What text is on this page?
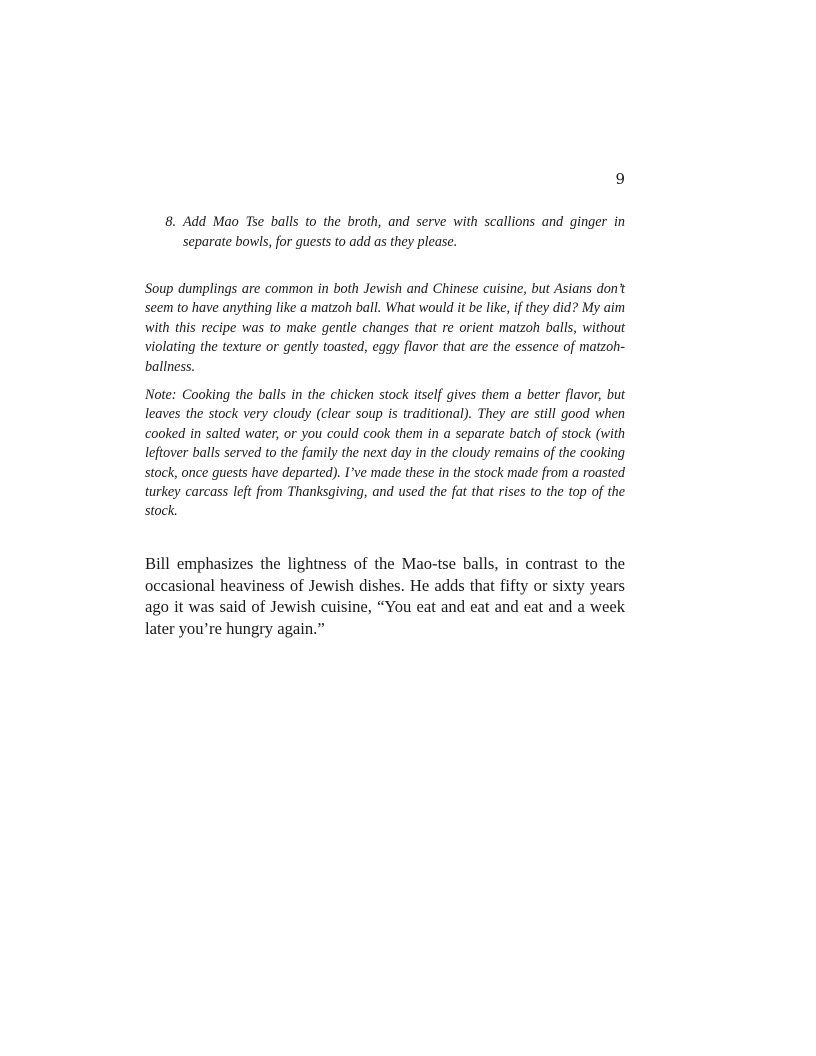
9
8. Add Mao Tse balls to the broth, and serve with scallions and ginger in separate bowls, for guests to add as they please.

Soup dumplings are common in both Jewish and Chinese cuisine, but Asians don’t seem to have anything like a matzoh ball. What would it be like, if they did? My aim with this recipe was to make gentle changes that re orient matzoh balls, without violating the texture or gently toasted, eggy flavor that are the essence of matzoh-ballness.

Note: Cooking the balls in the chicken stock itself gives them a better flavor, but leaves the stock very cloudy (clear soup is traditional). They are still good when cooked in salted water, or you could cook them in a separate batch of stock (with leftover balls served to the family the next day in the cloudy remains of the cooking stock, once guests have departed). I’ve made these in the stock made from a roasted turkey carcass left from Thanksgiving, and used the fat that rises to the top of the stock.

Bill emphasizes the lightness of the Mao-tse balls, in contrast to the occasional heaviness of Jewish dishes. He adds that fifty or sixty years ago it was said of Jewish cuisine, “You eat and eat and eat and a week later you’re hungry again.”
